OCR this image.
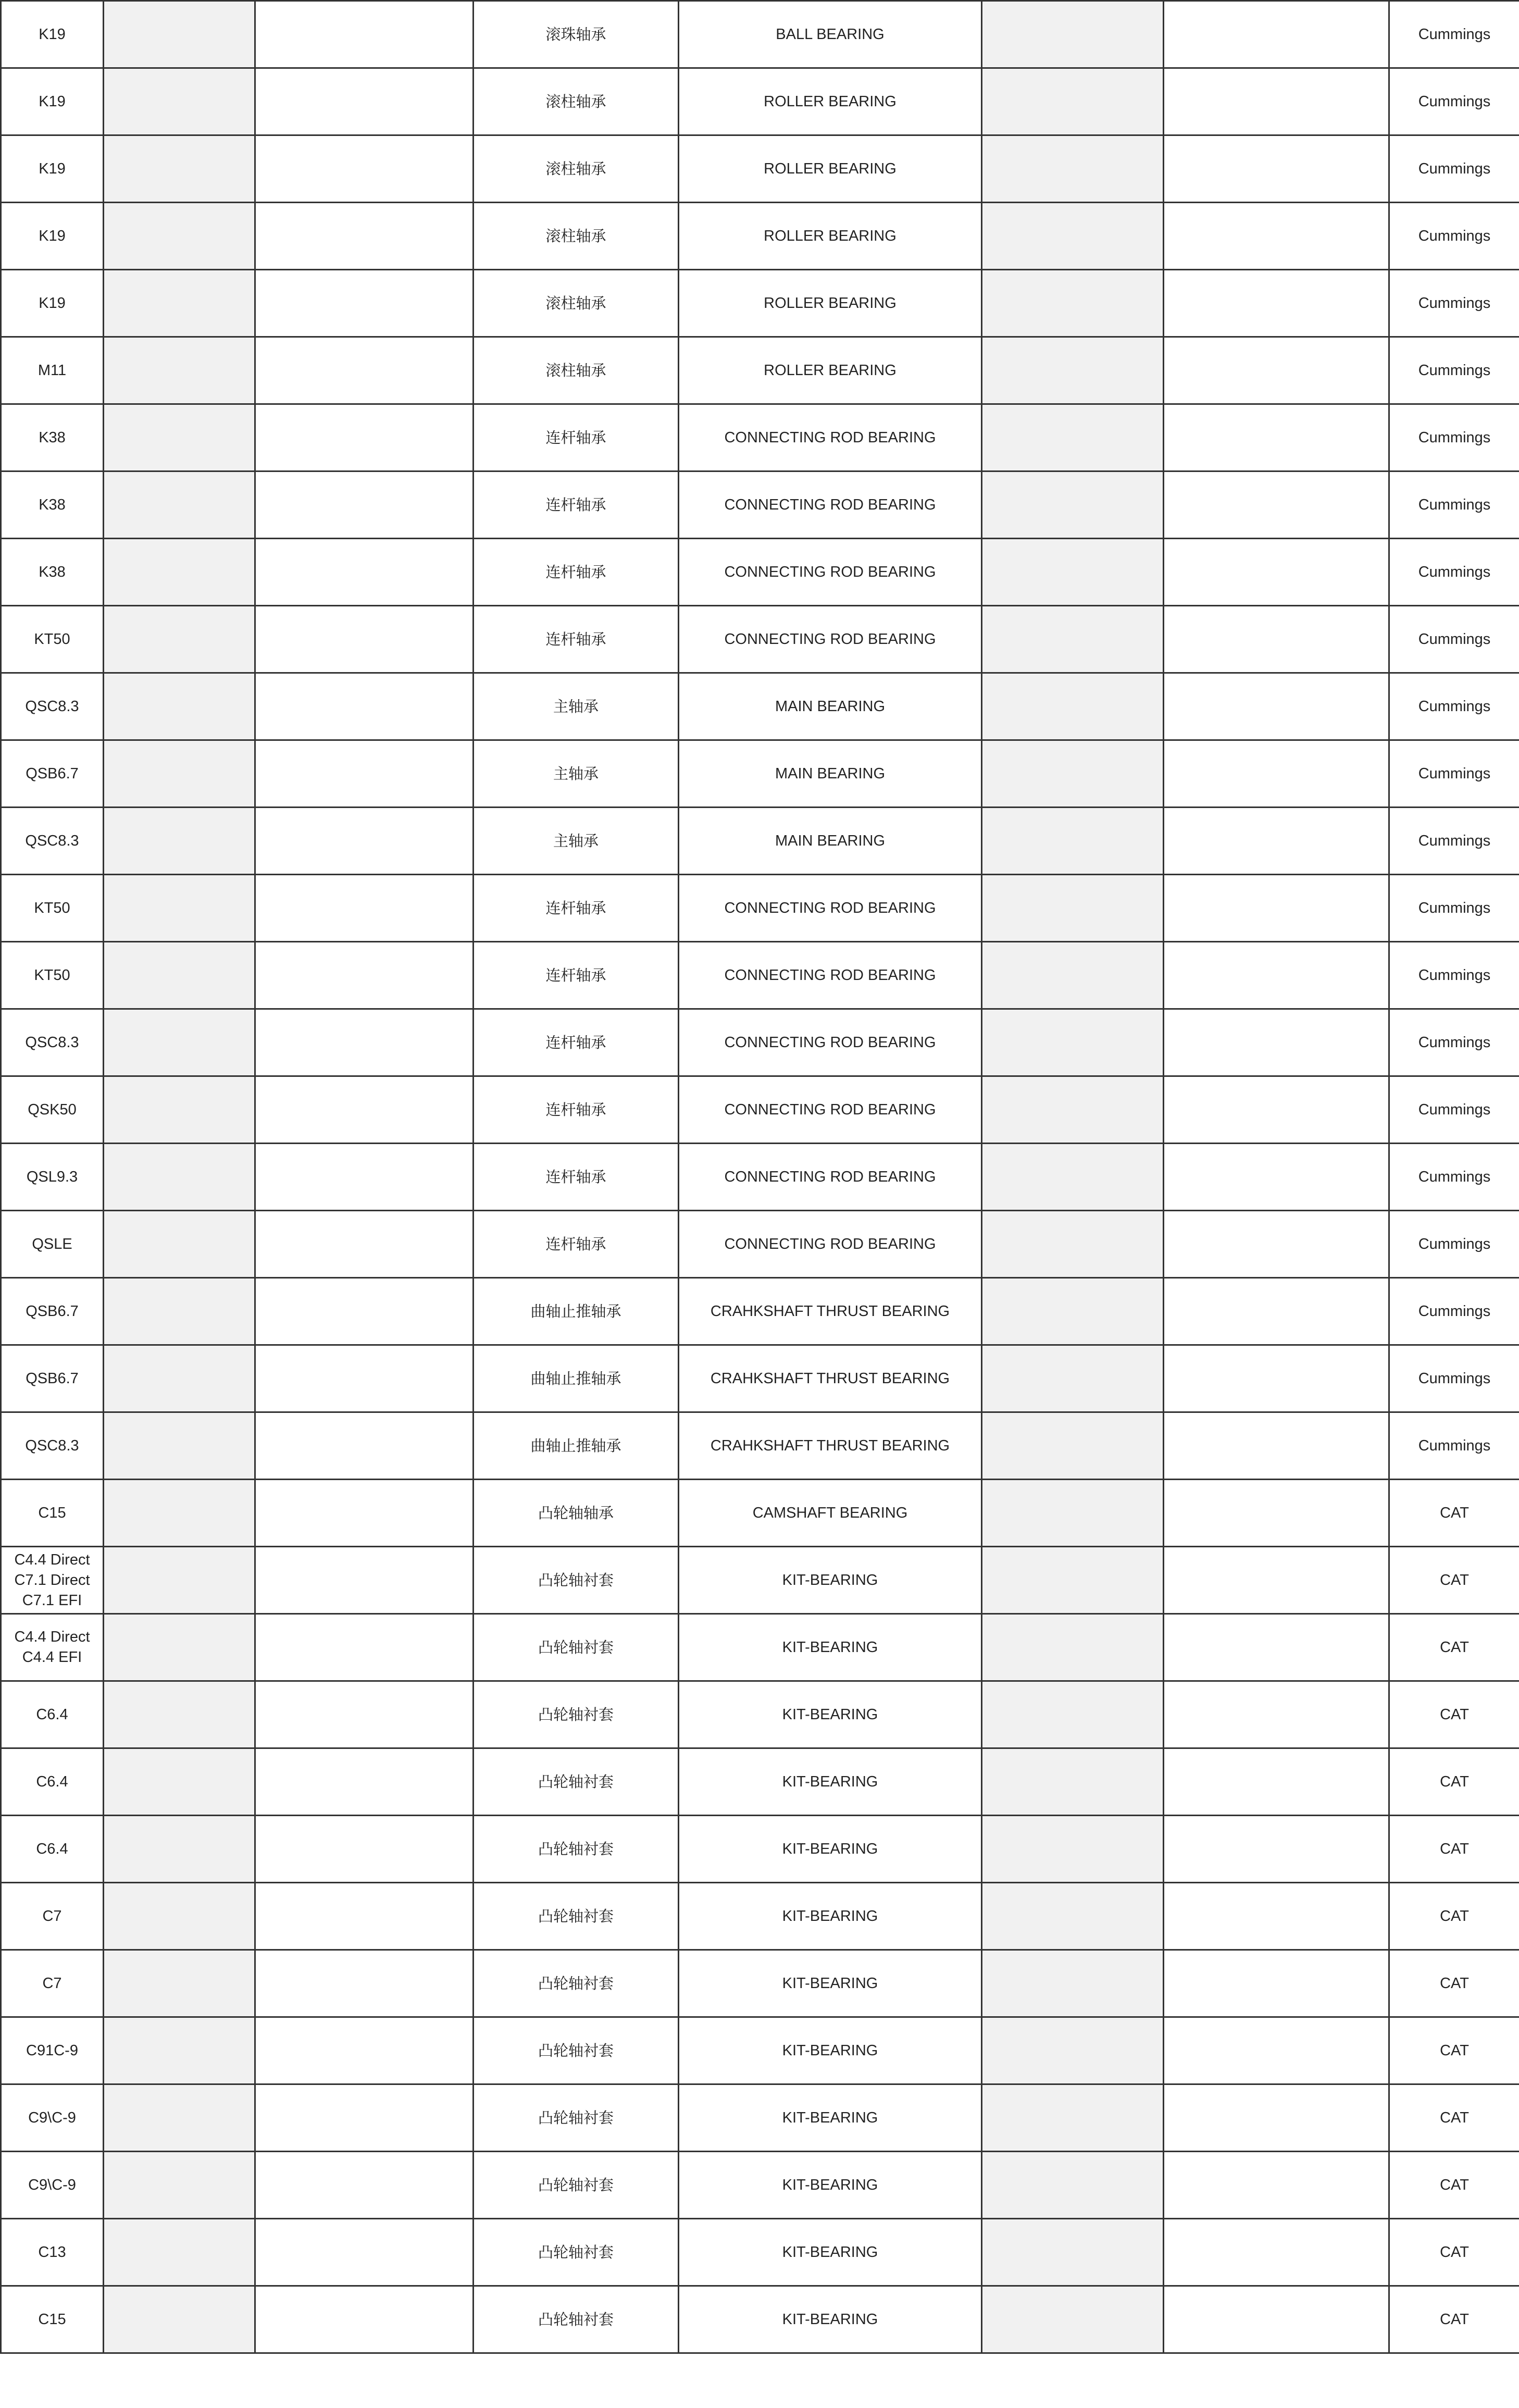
K19			滚珠轴承	BALL BEARING			Cummings
K19			滚柱轴承	ROLLER BEARING			Cummings
K19			滚柱轴承	ROLLER BEARING			Cummings
K19			滚柱轴承	ROLLER BEARING			Cummings
K19			滚柱轴承	ROLLER BEARING			Cummings
M11			滚柱轴承	ROLLER BEARING			Cummings
K38			连杆轴承	CONNECTING ROD BEARING			Cummings
K38			连杆轴承	CONNECTING ROD BEARING			Cummings
K38			连杆轴承	CONNECTING ROD BEARING			Cummings
KT50			连杆轴承	CONNECTING ROD BEARING			Cummings
QSC8.3			主轴承	MAIN BEARING			Cummings
QSB6.7			主轴承	MAIN BEARING			Cummings
QSC8.3			主轴承	MAIN BEARING			Cummings
KT50			连杆轴承	CONNECTING ROD BEARING			Cummings
KT50			连杆轴承	CONNECTING ROD BEARING			Cummings
QSC8.3			连杆轴承	CONNECTING ROD BEARING			Cummings
QSK50			连杆轴承	CONNECTING ROD BEARING			Cummings
QSL9.3			连杆轴承	CONNECTING ROD BEARING			Cummings
QSLE			连杆轴承	CONNECTING ROD BEARING			Cummings
QSB6.7			曲轴止推轴承	CRAHKSHAFT THRUST BEARING			Cummings
QSB6.7			曲轴止推轴承	CRAHKSHAFT THRUST BEARING			Cummings
QSC8.3			曲轴止推轴承	CRAHKSHAFT THRUST BEARING			Cummings
C15			凸轮轴轴承	CAMSHAFT BEARING			CAT
C4.4 Direct
C7.1 Direct
C7.1 EFI			凸轮轴衬套	KIT-BEARING			CAT
C4.4 Direct
C4.4 EFI			凸轮轴衬套	KIT-BEARING			CAT
C6.4			凸轮轴衬套	KIT-BEARING			CAT
C6.4			凸轮轴衬套	KIT-BEARING			CAT
C6.4			凸轮轴衬套	KIT-BEARING			CAT
C7			凸轮轴衬套	KIT-BEARING			CAT
C7			凸轮轴衬套	KIT-BEARING			CAT
C91C-9			凸轮轴衬套	KIT-BEARING			CAT
C9\C-9			凸轮轴衬套	KIT-BEARING			CAT
C9\C-9			凸轮轴衬套	KIT-BEARING			CAT
C13			凸轮轴衬套	KIT-BEARING			CAT
C15			凸轮轴衬套	KIT-BEARING			CAT
